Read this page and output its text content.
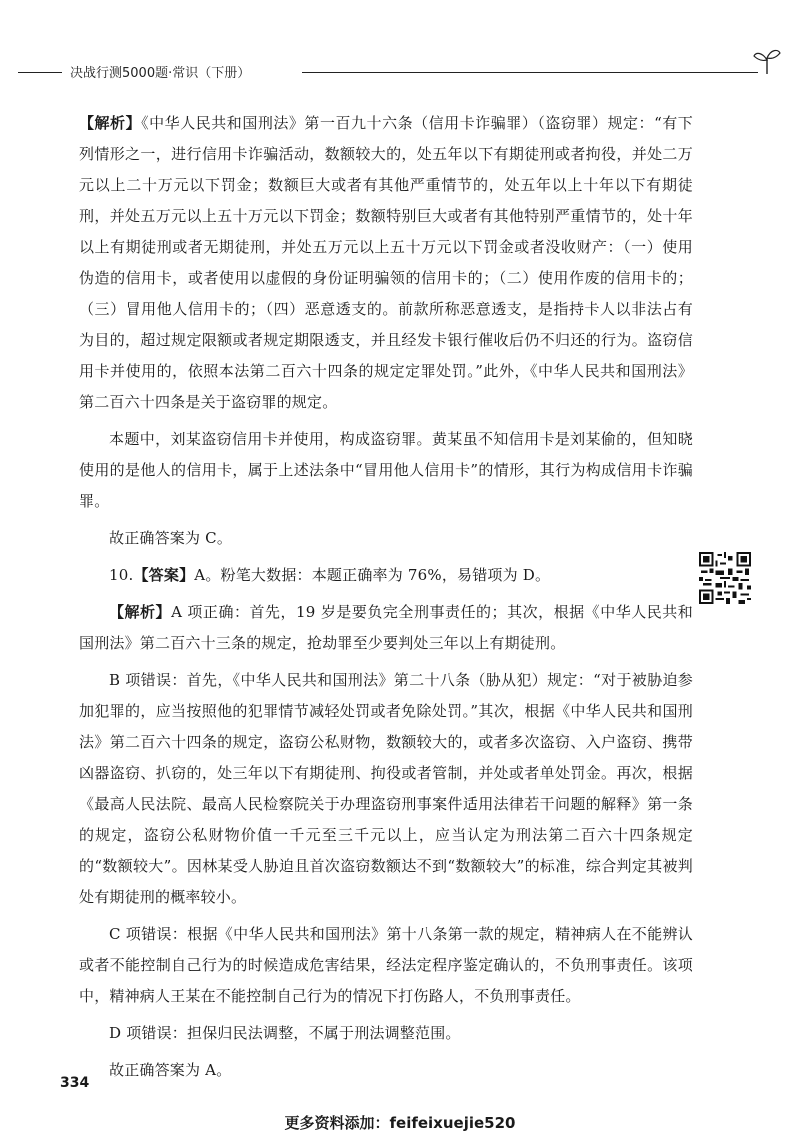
决战行测5000题·常识（下册）

【解析】《中华人民共和国刑法》第一百九十六条（信用卡诈骗罪）（盗窃罪）规定：“有下列情形之一，进行信用卡诈骗活动，数额较大的，处五年以下有期徒刑或者拘役，并处二万元以上二十万元以下罚金；数额巨大或者有其他严重情节的，处五年以上十年以下有期徒刑，并处五万元以上五十万元以下罚金；数额特别巨大或者有其他特别严重情节的，处十年以上有期徒刑或者无期徒刑，并处五万元以上五十万元以下罚金或者没收财产：（一）使用伪造的信用卡，或者使用以虚假的身份证明骗领的信用卡的；（二）使用作废的信用卡的；（三）冒用他人信用卡的；（四）恶意透支的。前款所称恶意透支，是指持卡人以非法占有为目的，超过规定限额或者规定期限透支，并且经发卡银行催收后仍不归还的行为。盗窃信用卡并使用的，依照本法第二百六十四条的规定定罪处罚。”此外，《中华人民共和国刑法》第二百六十四条是关于盗窃罪的规定。

本题中，刘某盗窃信用卡并使用，构成盗窃罪。黄某虽不知信用卡是刘某偷的，但知晓使用的是他人的信用卡，属于上述法条中“冒用他人信用卡”的情形，其行为构成信用卡诈骗罪。

故正确答案为 C。

10.【答案】A。粉笔大数据：本题正确率为 76%，易错项为 D。

【解析】A 项正确：首先，19 岁是要负完全刑事责任的；其次，根据《中华人民共和国刑法》第二百六十三条的规定，抢劫罪至少要判处三年以上有期徒刑。

B 项错误：首先，《中华人民共和国刑法》第二十八条（胁从犯）规定：“对于被胁迫参加犯罪的，应当按照他的犯罪情节减轻处罚或者免除处罚。”其次，根据《中华人民共和国刑法》第二百六十四条的规定，盗窃公私财物，数额较大的，或者多次盗窃、入户盗窃、携带凶器盗窃、扒窃的，处三年以下有期徒刑、拘役或者管制，并处或者单处罚金。再次，根据《最高人民法院、最高人民检察院关于办理盗窃刑事案件适用法律若干问题的解释》第一条的规定，盗窃公私财物价值一千元至三千元以上，应当认定为刑法第二百六十四条规定的“数额较大”。因林某受人胁迫且首次盗窃数额达不到“数额较大”的标准，综合判定其被判处有期徒刑的概率较小。

C 项错误：根据《中华人民共和国刑法》第十八条第一款的规定，精神病人在不能辨认或者不能控制自己行为的时候造成危害结果，经法定程序鉴定确认的，不负刑事责任。该项中，精神病人王某在不能控制自己行为的情况下打伤路人，不负刑事责任。

D 项错误：担保归民法调整，不属于刑法调整范围。

故正确答案为 A。

334
更多资料添加：feifeixuejie520
